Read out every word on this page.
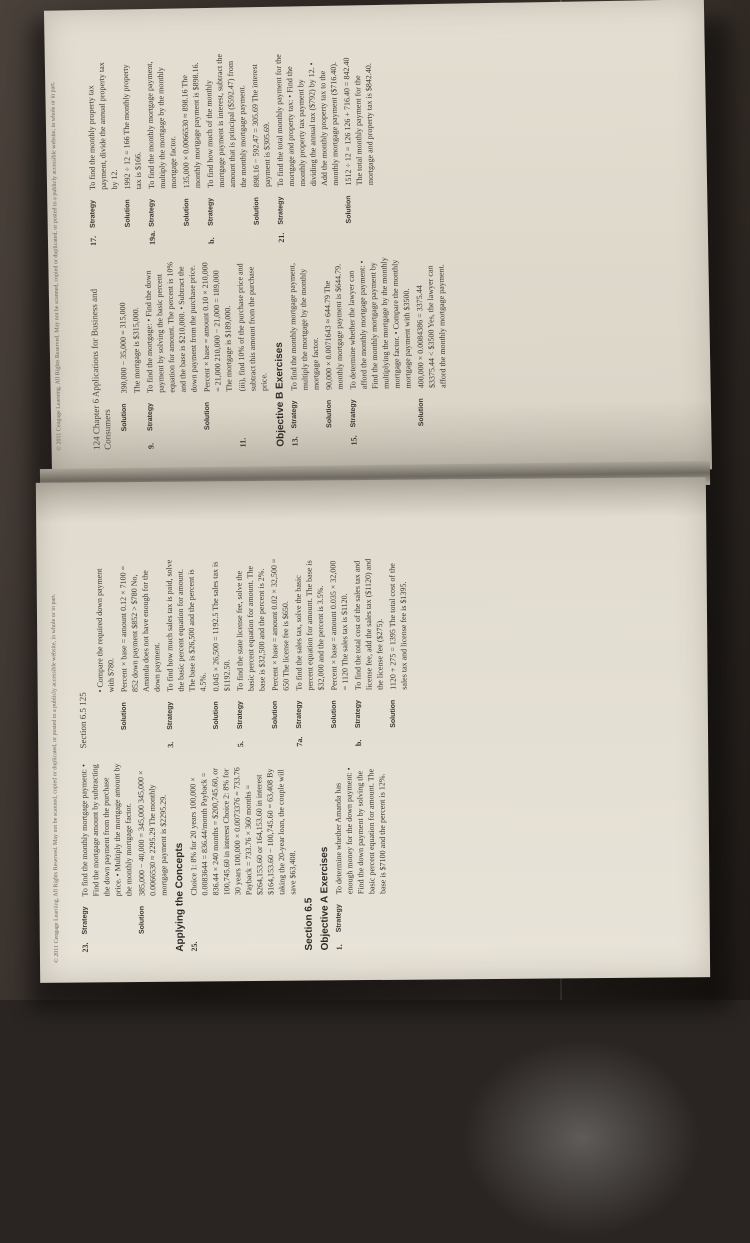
124 Chapter 6 Applications for Business and Consumers	Solution
390,000 − 35,000 = 315,000 The mortgage is $315,000.
9.
Strategy
To find the mortgage: • Find the down payment by solving the basic percent equation for amount. The percent is 10% and the base is $210,000. • Subtract the down payment from the purchase price.
Solution
Percent × base = amount 0.10 × 210,000 = 21,000 210,000 − 21,000 = 189,000 The mortgage is $189,000.
11.
(iii), find 10% of the purchase price and subtract this amount from the purchase price. Objective B Exercises 13.
Strategy
To find the monthly mortgage payment, multiply the mortgage by the monthly mortgage factor.
Solution
90,000 × 0.0071643 ≈ 644.79 The monthly mortgage payment is $644.79.
15.
Strategy
To determine whether the lawyer can afford the monthly mortgage payment: • Find the monthly mortgage payment by multiplying the mortgage by the monthly mortgage factor. • Compare the monthly mortgage payment with $3500.
Solution
400,000 × 0.0084386 = 3375.44 $3375.44 < $3500 Yes, the lawyer can afford the monthly mortgage payment.
17.
Strategy
To find the monthly property tax payment, divide the annual property tax by 12.
Solution
1992 ÷ 12 = 166 The monthly property tax is $166.
19a.
Strategy
To find the monthly mortgage payment, multiply the mortgage by the monthly mortgage factor.
Solution
135,000 × 0.0066530 ≈ 898.16 The monthly mortgage payment is $898.16.
b.
Strategy
To find how much of the monthly mortgage payment is interest, subtract the amount that is principal ($592.47) from the monthly mortgage payment.
Solution
898.16 − 592.47 = 305.69 The interest payment is $305.69.
21.
Strategy
To find the total monthly payment for the mortgage and property tax: • Find the monthly property tax payment by dividing the annual tax ($792) by 12. • Add the monthly property tax to the monthly mortgage payment ($716.40).
Solution
1512 ÷ 12 = 126 126 + 716.40 = 842.40 The total monthly payment for the mortgage and property tax is $842.40.
© 2011 Cengage Learning. All Rights Reserved. May not be scanned, copied or duplicated, or posted to a publicly accessible website, in whole or in part.
23.
Strategy
To find the monthly mortgage payment: • Find the mortgage amount by subtracting the down payment from the purchase price. • Multiply the mortgage amount by the monthly mortgage factor.
Solution
385,000 − 40,000 = 345,000 345,000 × 0.0066530 ≈ 2295.29 The monthly mortgage payment is $2295.29. Applying the Concepts 25.
Choice 1: 8% for 20 years 100,000 × 0.0083644 = 836.44/month Payback = 836.44 × 240 months = $200,745.60, or 100,745.60 in interest Choice 2: 8% for 30 years 100,000 × 0.0073376 = 733.76 Payback = 733.76 × 360 months = $264,153.60 or 164,153.60 in interest $164,153.60 − 100,745.60 = 63,408 By taking the 20-year loan, the couple will save $63,408.
Section 6.5 Objective A Exercises 1.
Strategy
To determine whether Amanda has enough money for the down payment: • Find the down payment by solving the basic percent equation for amount. The base is $7100 and the percent is 12%.
Section 6.5 125
• Compare the required down payment with $780.
Solution
Percent × base = amount 0.12 × 7100 = 852 down payment $852 > $780 No, Amanda does not have enough for the down payment.
3.
Strategy
To find how much sales tax is paid, solve the basic percent equation for amount. The base is $26,500 and the percent is 4.5%.
Solution
0.045 × 26,500 = 1192.5 The sales tax is $1192.50.
5.
Strategy
To find the state license fee, solve the basic percent equation for amount. The base is $32,500 and the percent is 2%.
Solution
Percent × base = amount 0.02 × 32,500 = 650 The license fee is $650.
7a.
Strategy
To find the sales tax, solve the basic percent equation for amount. The base is $32,000 and the percent is 3.5%.
Solution
Percent × base = amount 0.035 × 32,000 = 1120 The sales tax is $1120.
b.
Strategy
To find the total cost of the sales tax and license fee, add the sales tax ($1120) and the license fee ($275).
Solution
1120 + 275 = 1395 The total cost of the sales tax and license fee is $1395.
© 2011 Cengage Learning. All Rights Reserved. May not be scanned, copied or duplicated, or posted to a publicly accessible website, in whole or in part.
